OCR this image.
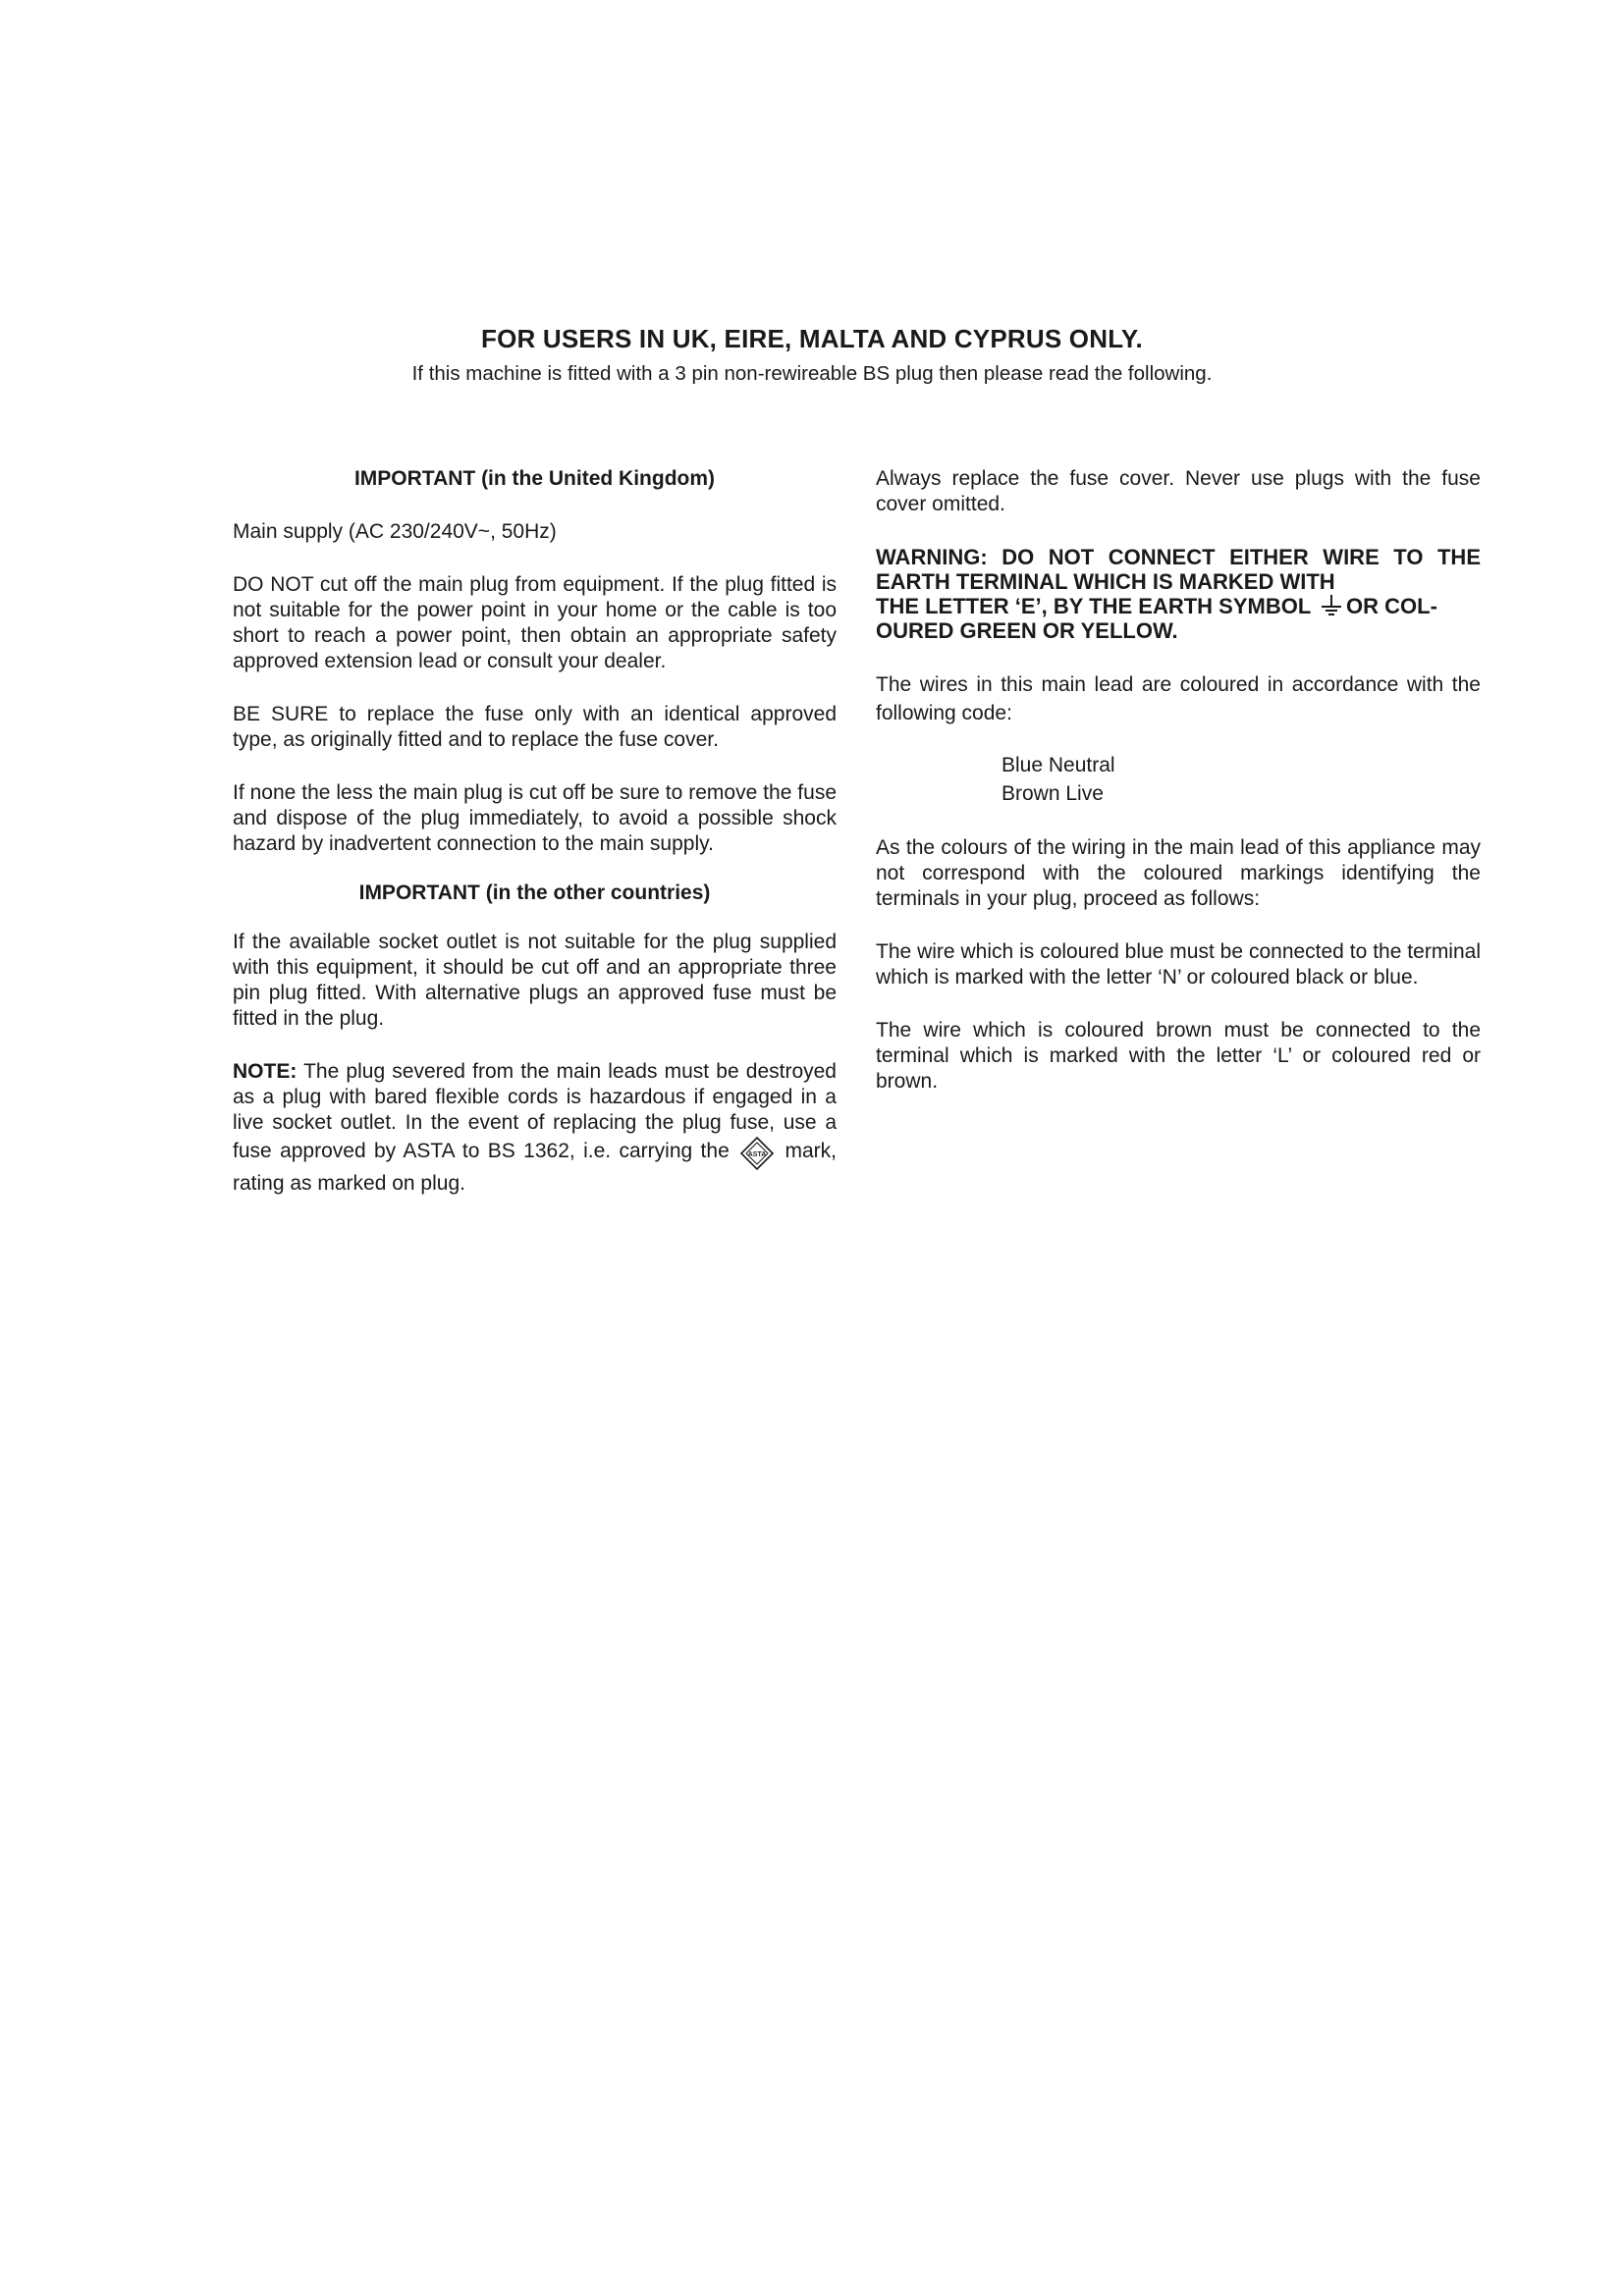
FOR USERS IN UK, EIRE, MALTA AND CYPRUS ONLY.

If this machine is fitted with a 3 pin non-rewireable BS plug then please read the following.

IMPORTANT (in the United Kingdom)

Main supply (AC 230/240V~, 50Hz)

DO NOT cut off the main plug from equipment. If the plug fitted is not suitable for the power point in your home or the cable is too short to reach a power point, then obtain an appropriate safety approved extension lead or consult your dealer.

BE SURE to replace the fuse only with an identical approved type, as originally fitted and to replace the fuse cover.

If none the less the main plug is cut off be sure to remove the fuse and dispose of the plug immediately, to avoid a possible shock hazard by inadvertent connection to the main supply.

IMPORTANT (in the other countries)

If the available socket outlet is not suitable for the plug supplied with this equipment, it should be cut off and an appropriate three pin plug fitted. With alternative plugs an approved fuse must be fitted in the plug.

NOTE: The plug severed from the main leads must be destroyed as a plug with bared flexible cords is hazardous if engaged in a live socket outlet. In the event of replacing the plug fuse, use a fuse approved by ASTA to BS 1362, i.e. carrying the ASTA mark, rating as marked on plug.

Always replace the fuse cover. Never use plugs with the fuse cover omitted.

WARNING: DO NOT CONNECT EITHER WIRE TO THE EARTH TERMINAL WHICH IS MARKED WITH

THE LETTER ‘E’, BY THE EARTH SYMBOL OR COL-OURED GREEN OR YELLOW.

The wires in this main lead are coloured in accordance with the following code:

Blue Neutral

Brown Live

As the colours of the wiring in the main lead of this appliance may not correspond with the coloured markings identifying the terminals in your plug, proceed as follows:

The wire which is coloured blue must be connected to the terminal which is marked with the letter ‘N’ or coloured black or blue.

The wire which is coloured brown must be connected to the terminal which is marked with the letter ‘L’ or coloured red or brown.
